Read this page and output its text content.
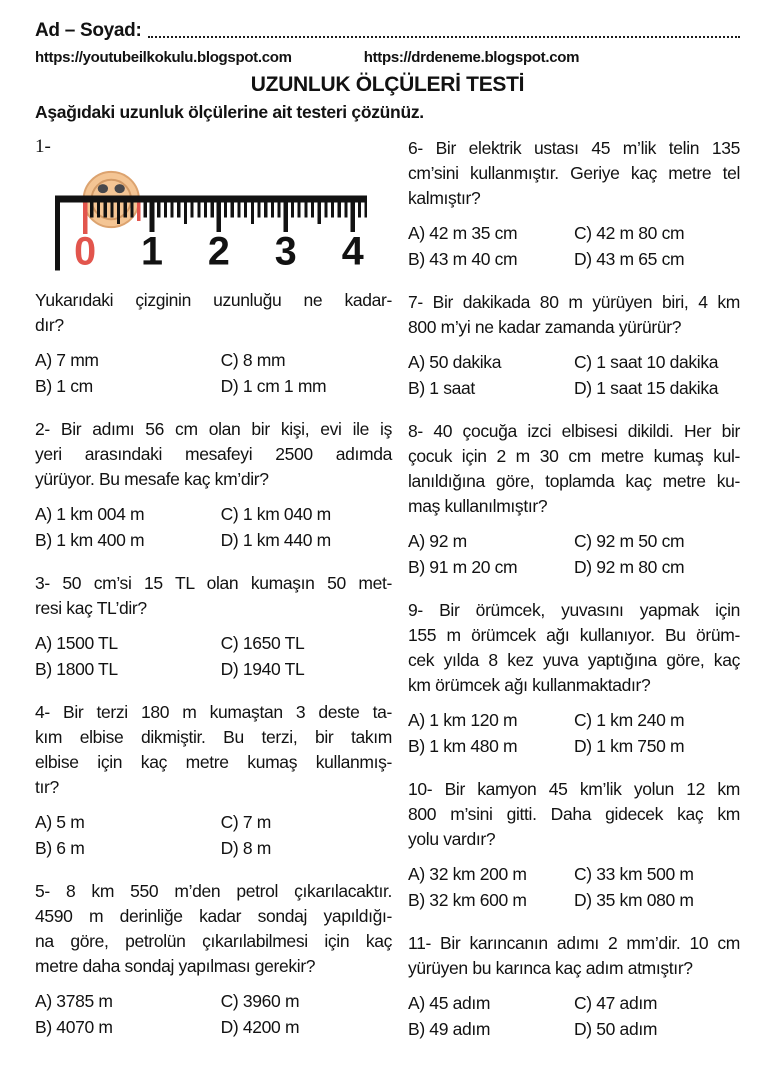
Ad – Soyad:
https://youtubeilkokulu.blogspot.com	https://drdeneme.blogspot.com
UZUNLUK ÖLÇÜLERİ TESTİ
Aşağıdaki uzunluk ölçülerine ait testeri çözünüz.
1-
0 1 2 3 4
Yukarıdaki çizginin uzunluğu ne kadar-
dır?
A) 7 mm	C) 8 mm
B) 1 cm	D) 1 cm 1 mm
2- Bir adımı 56 cm olan bir kişi, evi ile iş
yeri arasındaki mesafeyi 2500 adımda
yürüyor. Bu mesafe kaç km’dir?
A) 1 km 004 m	C) 1 km 040 m
B) 1 km 400 m	D) 1 km 440 m
3- 50 cm’si 15 TL olan kumaşın 50 met-
resi kaç TL’dir?
A) 1500 TL	C) 1650 TL
B) 1800 TL	D) 1940 TL
4- Bir terzi 180 m kumaştan 3 deste ta-
kım elbise dikmiştir. Bu terzi, bir takım
elbise için kaç metre kumaş kullanmış-
tır?
A) 5 m	C) 7 m
B) 6 m	D) 8 m
5- 8 km 550 m’den petrol çıkarılacaktır.
4590 m derinliğe kadar sondaj yapıldığı-
na göre, petrolün çıkarılabilmesi için kaç
metre daha sondaj yapılması gerekir?
A) 3785 m	C) 3960 m
B) 4070 m	D) 4200 m
6- Bir elektrik ustası 45 m’lik telin 135
cm’sini kullanmıştır. Geriye kaç metre tel
kalmıştır?
A) 42 m 35 cm	C) 42 m 80 cm
B) 43 m 40 cm	D) 43 m 65 cm
7- Bir dakikada 80 m yürüyen biri, 4 km
800 m’yi ne kadar zamanda yürürür?
A) 50 dakika	C) 1 saat 10 dakika
B) 1 saat	D) 1 saat 15 dakika
8- 40 çocuğa izci elbisesi dikildi. Her bir
çocuk için 2 m 30 cm metre kumaş kul-
lanıldığına göre, toplamda kaç metre ku-
maş kullanılmıştır?
A) 92 m	C) 92 m 50 cm
B) 91 m 20 cm	D) 92 m 80 cm
9- Bir örümcek, yuvasını yapmak için
155 m örümcek ağı kullanıyor. Bu örüm-
cek yılda 8 kez yuva yaptığına göre, kaç
km örümcek ağı kullanmaktadır?
A) 1 km 120 m	C) 1 km 240 m
B) 1 km 480 m	D) 1 km 750 m
10- Bir kamyon 45 km’lik yolun 12 km
800 m’sini gitti. Daha gidecek kaç km
yolu vardır?
A) 32 km 200 m	C) 33 km 500 m
B) 32 km 600 m	D) 35 km 080 m
11- Bir karıncanın adımı 2 mm’dir. 10 cm
yürüyen bu karınca kaç adım atmıştır?
A) 45 adım	C) 47 adım
B) 49 adım	D) 50 adım
